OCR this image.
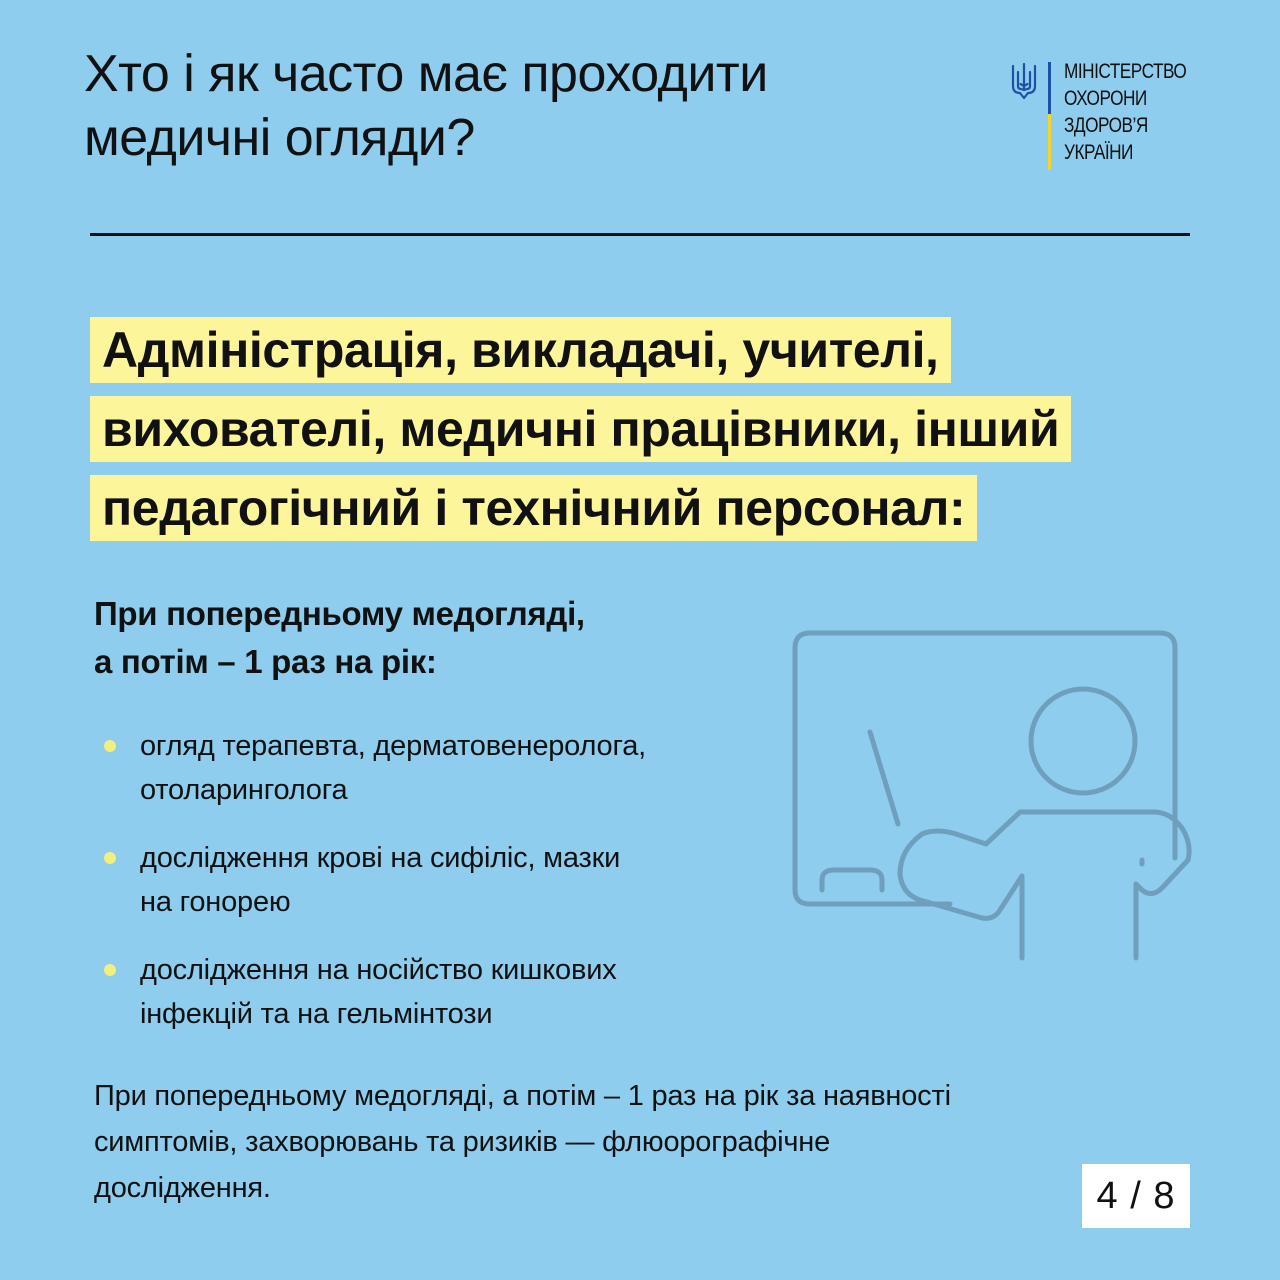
Хто і як часто має проходити
медичні огляди?
МІНІСТЕРСТВО
ОХОРОНИ
ЗДОРОВ’Я
УКРАЇНИ
Адміністрація, викладачі, учителі,
вихователі, медичні працівники, інший
педагогічний і технічний персонал:
При попередньому медогляді,
а потім – 1 раз на рік:
огляд терапевта, дерматовенеролога,
отоларинголога
дослідження крові на сифіліс, мазки
на гонорею
дослідження на носійство кишкових
інфекцій та на гельмінтози
При попередньому медогляді, а потім – 1 раз на рік за наявності
симптомів, захворювань та ризиків — флюорографічне
дослідження.	4 / 8
